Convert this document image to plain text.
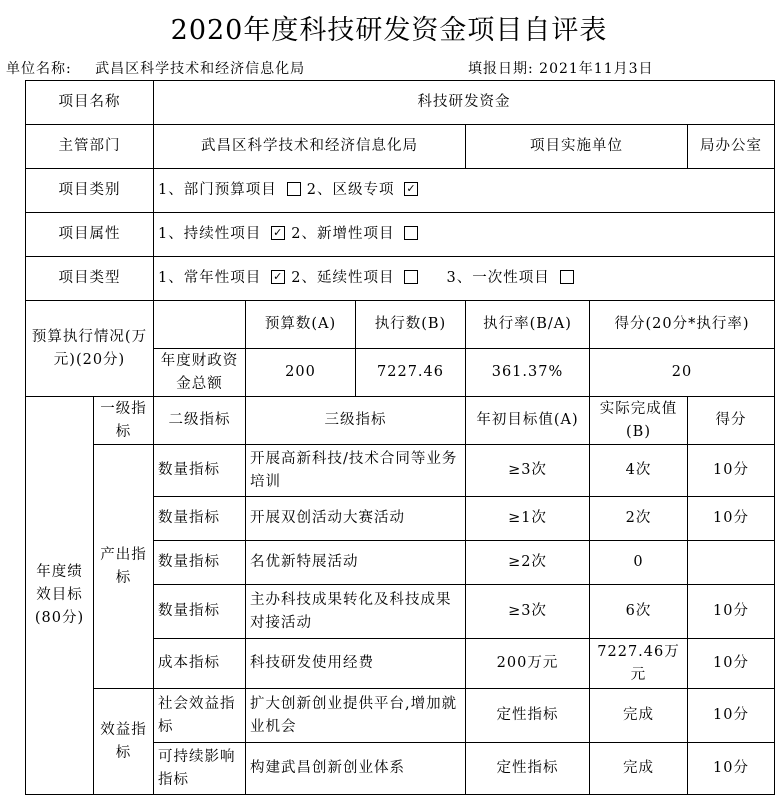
2020年度科技研发资金项目自评表
单位名称: 武昌区科学技术和经济信息化局	填报日期: 2021年11月3日
项目名称		科技研发资金					
主管部门		武昌区科学技术和经济信息化局			项目实施单位		局办公室
项目类别		1、部门预算项目 2、区级专项 ✓					
项目属性		1、持续性项目 ✓ 2、新增性项目					
项目类型		1、常年性项目 ✓ 2、延续性项目 3、一次性项目					
预算执行情况(万元)(20分)			预算数(A)	执行数(B)	执行率(B/A)	得分(20分*执行率)	
		年度财政资金总额	200	7227.46	361.37%	20	
年度绩效目标(80分)	一级指标	二级指标	三级指标		年初目标值(A)	实际完成值(B)	得分
	产出指标	数量指标	开展高新科技/技术合同等业务培训		≥3次	4次	10分
		数量指标	开展双创活动大赛活动		≥1次	2次	10分
		数量指标	名优新特展活动		≥2次	0	
		数量指标	主办科技成果转化及科技成果对接活动		≥3次	6次	10分
		成本指标	科技研发使用经费		200万元	7227.46万元	10分
	效益指标	社会效益指标	扩大创新创业提供平台,增加就业机会		定性指标	完成	10分
		可持续影响指标	构建武昌创新创业体系		定性指标	完成	10分
